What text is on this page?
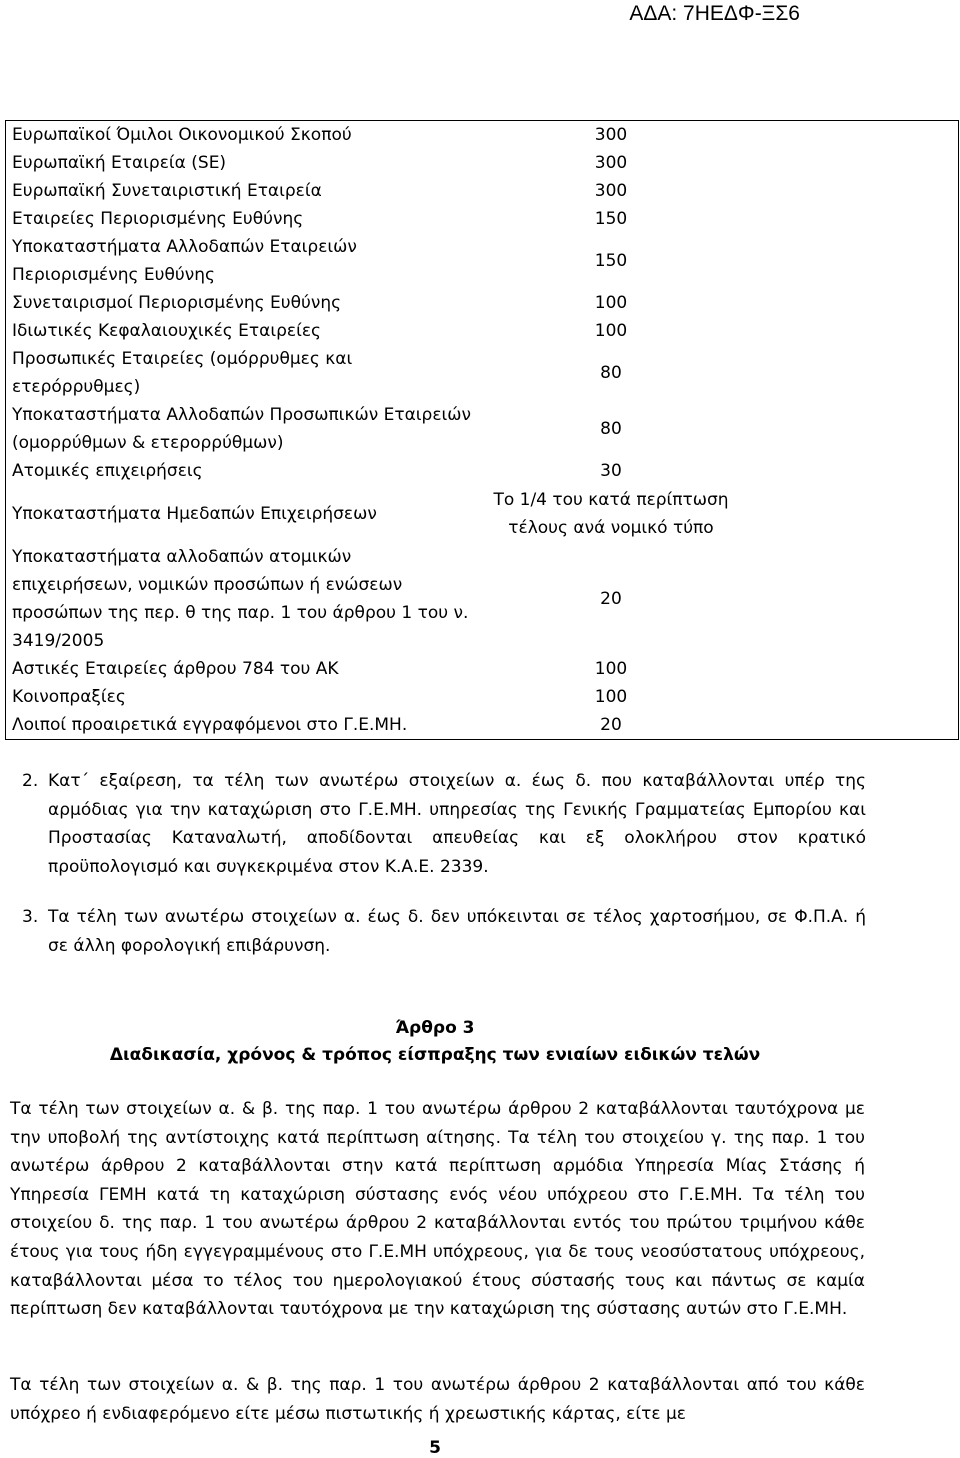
ΑΔΑ: 7ΗΕΔΦ-ΞΣ6
Ευρωπαϊκοί Όμιλοι Οικονομικού Σκοπού	300	
Ευρωπαϊκή Εταιρεία (SE)	300	
Ευρωπαϊκή Συνεταιριστική Εταιρεία	300	
Εταιρείες Περιορισμένης Ευθύνης	150	
Υποκαταστήματα Αλλοδαπών Εταιρειών Περιορισμένης Ευθύνης	150	
Συνεταιρισμοί Περιορισμένης Ευθύνης	100	
Ιδιωτικές Κεφαλαιουχικές Εταιρείες	100	
Προσωπικές Εταιρείες (ομόρρυθμες και ετερόρρυθμες)	80	
Υποκαταστήματα Αλλοδαπών Προσωπικών Εταιρειών (ομορρύθμων & ετερορρύθμων)	80	
Ατομικές επιχειρήσεις	30	
Υποκαταστήματα Ημεδαπών Επιχειρήσεων	Το 1/4 του κατά περίπτωση τέλους ανά νομικό τύπο	
Υποκαταστήματα αλλοδαπών ατομικών επιχειρήσεων, νομικών προσώπων ή ενώσεων προσώπων της περ. θ της παρ. 1 του άρθρου 1 του ν. 3419/2005	20	
Αστικές Εταιρείες άρθρου 784 του ΑΚ	100	
Κοινοπραξίες	100	
Λοιποί προαιρετικά εγγραφόμενοι στο Γ.Ε.ΜΗ.	20	
2. Κατ΄ εξαίρεση, τα τέλη των ανωτέρω στοιχείων α. έως δ. που καταβάλλονται υπέρ της αρμόδιας για την καταχώριση στο Γ.Ε.ΜΗ. υπηρεσίας της Γενικής Γραμματείας Εμπορίου και Προστασίας Καταναλωτή, αποδίδονται απευθείας και εξ ολοκλήρου στον κρατικό προϋπολογισμό και συγκεκριμένα στον Κ.Α.Ε. 2339.
3. Τα τέλη των ανωτέρω στοιχείων α. έως δ. δεν υπόκεινται σε τέλος χαρτοσήμου, σε Φ.Π.Α. ή σε άλλη φορολογική επιβάρυνση.
Άρθρο 3
Διαδικασία, χρόνος & τρόπος είσπραξης των ενιαίων ειδικών τελών
Τα τέλη των στοιχείων α. & β. της παρ. 1 του ανωτέρω άρθρου 2 καταβάλλονται ταυτόχρονα με την υποβολή της αντίστοιχης κατά περίπτωση αίτησης. Τα τέλη του στοιχείου γ. της παρ. 1 του ανωτέρω άρθρου 2 καταβάλλονται στην κατά περίπτωση αρμόδια Υπηρεσία Μίας Στάσης ή Υπηρεσία ΓΕΜΗ κατά τη καταχώριση σύστασης ενός νέου υπόχρεου στο Γ.Ε.ΜΗ. Τα τέλη του στοιχείου δ. της παρ. 1 του ανωτέρω άρθρου 2 καταβάλλονται εντός του πρώτου τριμήνου κάθε έτους για τους ήδη εγγεγραμμένους στο Γ.Ε.ΜΗ υπόχρεους, για δε τους νεοσύστατους υπόχρεους, καταβάλλονται μέσα το τέλος του ημερολογιακού έτους σύστασής τους και πάντως σε καμία περίπτωση δεν καταβάλλονται ταυτόχρονα με την καταχώριση της σύστασης αυτών στο Γ.Ε.ΜΗ.
Τα τέλη των στοιχείων α. & β. της παρ. 1 του ανωτέρω άρθρου 2 καταβάλλονται από του κάθε υπόχρεο ή ενδιαφερόμενο είτε μέσω πιστωτικής ή χρεωστικής κάρτας, είτε με
5
